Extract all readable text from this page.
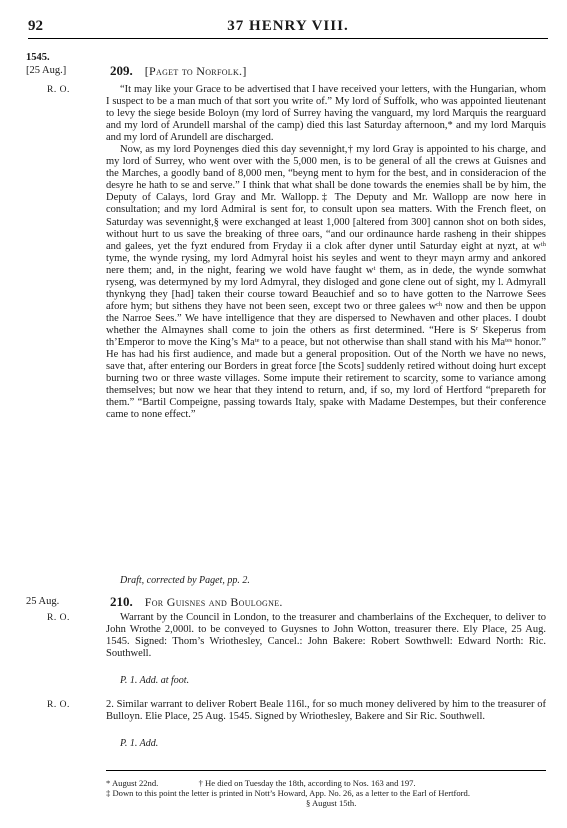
92	37 HENRY VIII.
1545.
[25 Aug.]
R. O.
209. [Paget to Norfolk.]

“It may like your Grace to be advertised that I have received your letters, with the Hungarian, whom I suspect to be a man much of that sort you write of.” My lord of Suffolk, who was appointed lieutenant to levy the siege beside Boloyn (my lord of Surrey having the vanguard, my lord Marquis the rearguard and my lord of Arundell marshal of the camp) died this last Saturday afternoon,* and my lord Marquis and my lord of Arundell are discharged.

Now, as my lord Poynenges died this day sevennight,† my lord Gray is appointed to his charge, and my lord of Surrey, who went over with the 5,000 men, is to be general of all the crews at Guisnes and the Marches, a goodly band of 8,000 men, “beyng ment to hym for the best, and in consideracion of the desyre he hath to se and serve.” I think that what shall be done towards the enemies shall be by him, the Deputy of Calays, lord Gray and Mr. Wallopp.‡ The Deputy and Mr. Wallopp are now here in consultation; and my lord Admiral is sent for, to consult upon sea matters. With the French fleet, on Saturday was sevennight,§ were exchanged at least 1,000 [altered from 300] cannon shot on both sides, without hurt to us save the breaking of three oars, “and our ordinaunce harde rasheng in their shippes and galees, yet the fyzt endured from Fryday ii a clok after dyner until Saturday eight at nyzt, at wᵗʰ tyme, the wynde rysing, my lord Admyral hoist his seyles and went to theyr mayn army and ankored nere them; and, in the night, fearing we wold have faught wᵗ them, as in dede, the wynde somwhat ryseng, was determyned by my lord Admyral, they disloged and gone clene out of sight, my l. Admyrall thynkyng they [had] taken their course toward Beauchief and so to have gotten to the Narrowe Sees afore hym; but sithens they have not been seen, except two or three galees wᶜʰ now and then be uppon the Narroe Sees.” We have intelligence that they are dispersed to Newhaven and other places. I doubt whether the Almaynes shall come to join the others as first determined. “Here is Sʳ Skeperus from th’Emperor to move the King’s Maᵗᵉ to a peace, but not otherwise than shall stand with his Maᵗᵉˢ honor.” He has had his first audience, and made but a general proposition. Out of the North we have no news, save that, after entering our Borders in great force [the Scots] suddenly retired without doing hurt except burning two or three waste villages. Some impute their retirement to scarcity, some to variance among themselves; but now we hear that they intend to return, and, if so, my lord of Hertford “prepareth for them.” “Bartil Compeigne, passing towards Italy, spake with Madame Destempes, but their conference came to none effect.”

Draft, corrected by Paget, pp. 2.
25 Aug.
R. O.
210. For Guisnes and Boulogne.

Warrant by the Council in London, to the treasurer and chamberlains of the Exchequer, to deliver to John Wrothe 2,000l. to be conveyed to Guysnes to John Wotton, treasurer there. Ely Place, 25 Aug. 1545. Signed: Thom’s Wriothesley, Cancel.: John Bakere: Robert Sowthwell: Edward North: Ric. Southwell.

P. 1. Add. at foot.
R. O.	2. Similar warrant to deliver Robert Beale 116l., for so much money delivered by him to the treasurer of Bulloyn. Elie Place, 25 Aug. 1545. Signed by Wriothesley, Bakere and Sir Ric. Southwell.

P. 1. Add.
* August 22nd.	† He died on Tuesday the 18th, according to Nos. 163 and 197.
‡ Down to this point the letter is printed in Nott’s Howard, App. No. 26, as a letter to the Earl of Hertford.
§ August 15th.
